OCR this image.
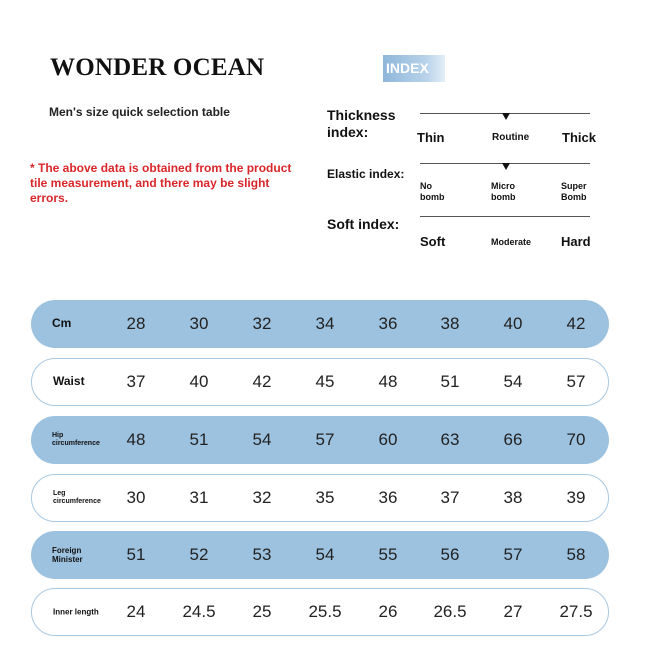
WONDER OCEAN	INDEX
Men's size quick selection table
* The above data is obtained from the product tile measurement, and there may be slight errors.
Thickness
index:	Thin	Routine	Thick
Elastic index:
No
bomb
Micro
bomb
Super
Bomb
Soft index:
Soft	Moderate Hard
Cm	28	30	32	34	36	38	40	42
Waist 37	40	42	45	48	51	54	57
Hip
circumference 48	51	54	57	60	63	66	70
Leg
circumference 30	31	32	35	36	37	38	39
Foreign
Minister	51	52	53	54	55	56	57	58
Inner length 24 24.5 25 25.5 26 26.5 27 27.5
